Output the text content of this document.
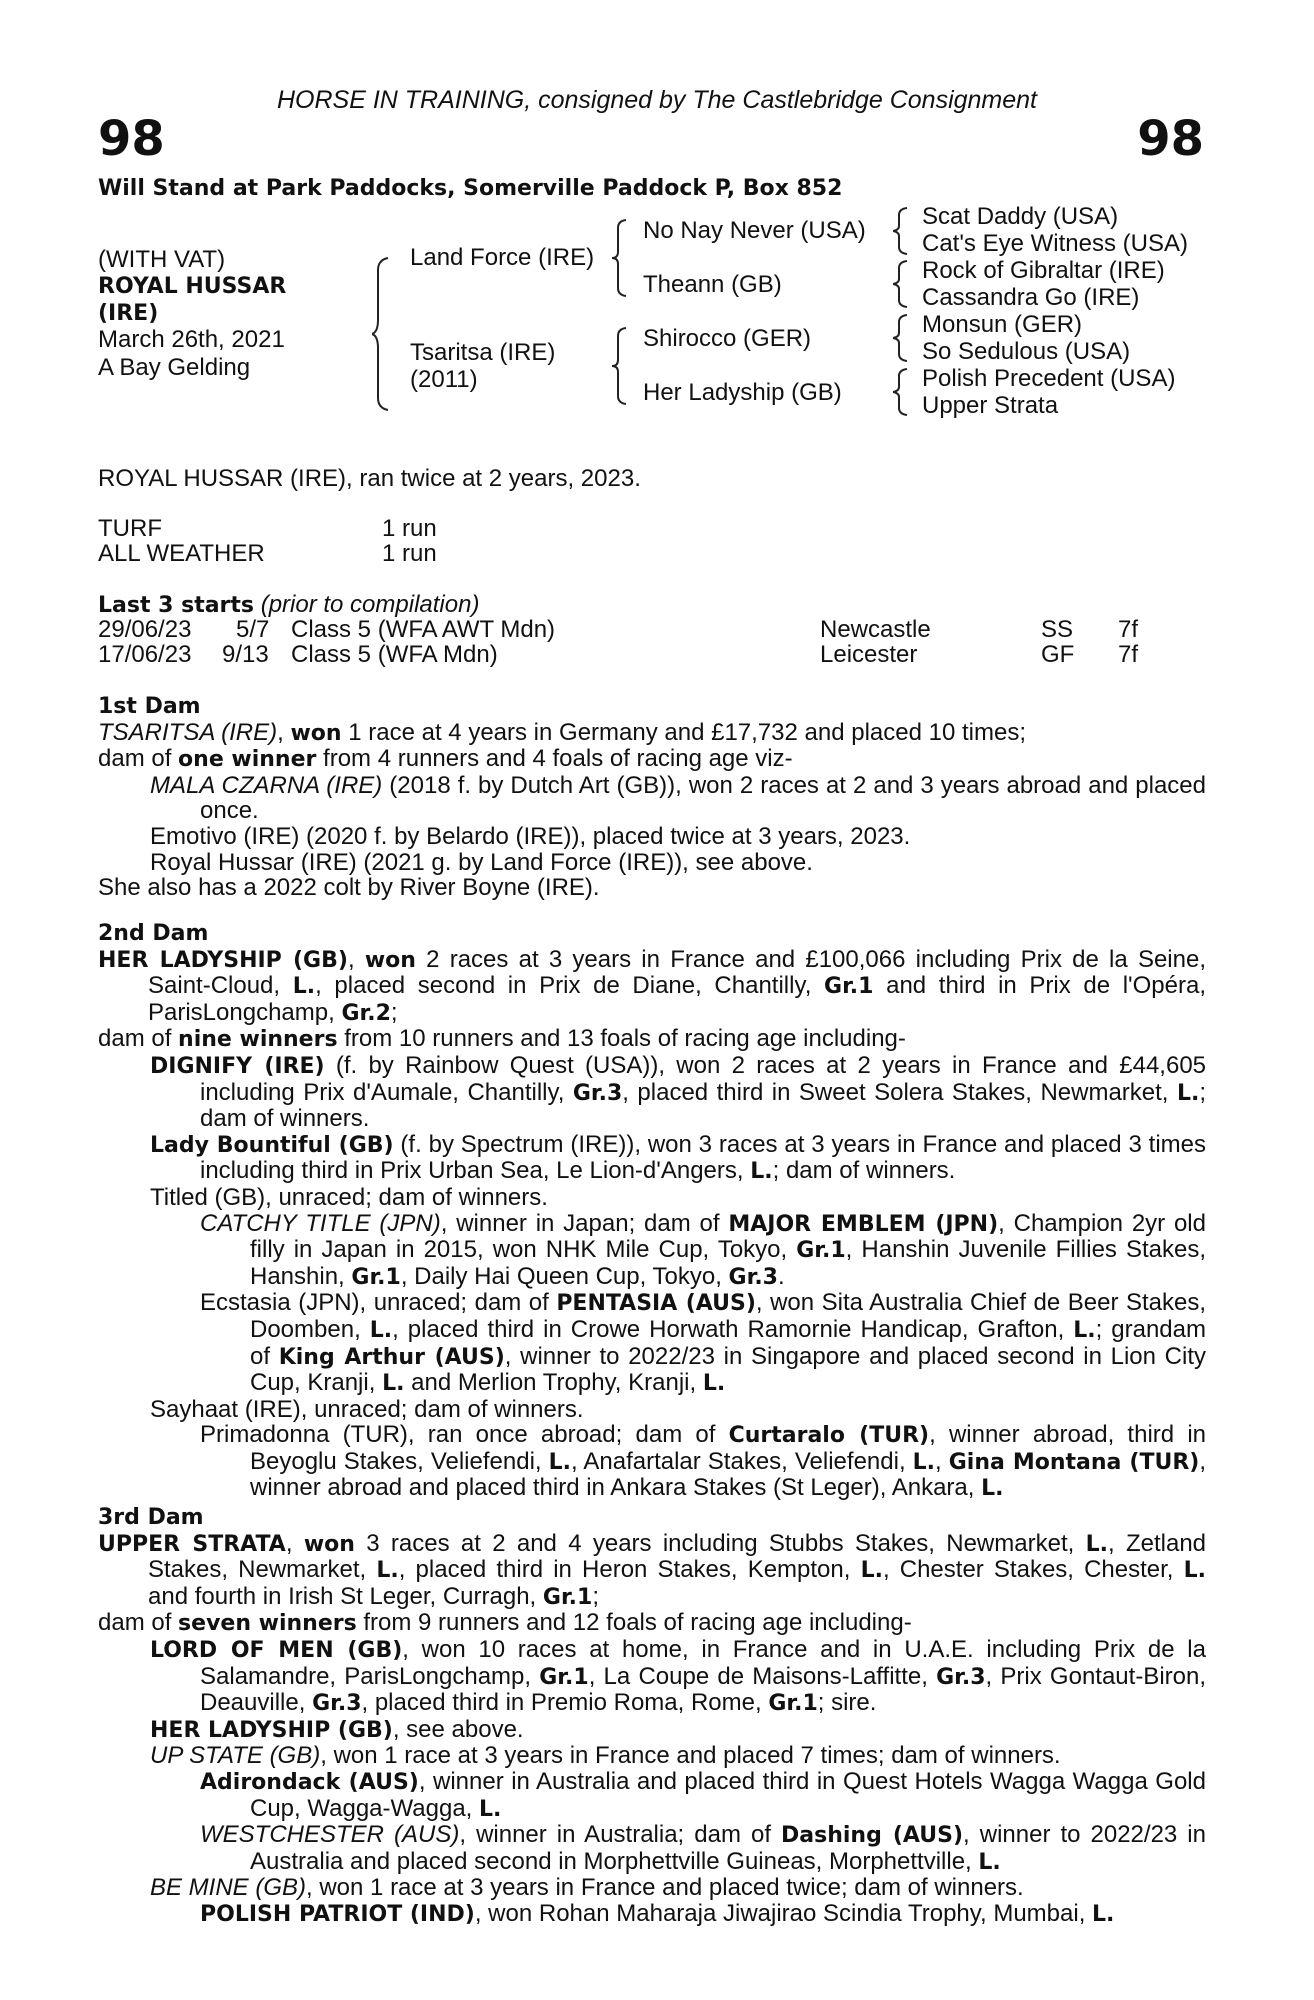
HORSE IN TRAINING, consigned by The Castlebridge Consignment
98	98
Will Stand at Park Paddocks, Somerville Paddock P, Box 852
(WITH VAT)
ROYAL HUSSAR
(IRE)
March 26th, 2021
A Bay Gelding
Land Force (IRE)
Tsaritsa (IRE)
(2011)
No Nay Never (USA)
Theann (GB)
Shirocco (GER)
Her Ladyship (GB)
Scat Daddy (USA)
Cat's Eye Witness (USA)
Rock of Gibraltar (IRE)
Cassandra Go (IRE)
Monsun (GER)
So Sedulous (USA)
Polish Precedent (USA)
Upper Strata
ROYAL HUSSAR (IRE), ran twice at 2 years, 2023.
TURF	1 run
ALL WEATHER	1 run
Last 3 starts (prior to compilation)
29/06/23 5/7 Class 5 (WFA AWT Mdn)	Newcastle	SS 7f
17/06/23 9/13 Class 5 (WFA Mdn)	Leicester	GF 7f
1st Dam
TSARITSA (IRE), won 1 race at 4 years in Germany and £17,732 and placed 10 times;
dam of one winner from 4 runners and 4 foals of racing age viz-
MALA CZARNA (IRE) (2018 f. by Dutch Art (GB)), won 2 races at 2 and 3 years abroad and placed once.
Emotivo (IRE) (2020 f. by Belardo (IRE)), placed twice at 3 years, 2023.
Royal Hussar (IRE) (2021 g. by Land Force (IRE)), see above.
She also has a 2022 colt by River Boyne (IRE).
2nd Dam
HER LADYSHIP (GB), won 2 races at 3 years in France and £100,066 including Prix de la Seine, Saint-Cloud, L., placed second in Prix de Diane, Chantilly, Gr.1 and third in Prix de l'Opéra, ParisLongchamp, Gr.2;
dam of nine winners from 10 runners and 13 foals of racing age including-
DIGNIFY (IRE) (f. by Rainbow Quest (USA)), won 2 races at 2 years in France and £44,605 including Prix d'Aumale, Chantilly, Gr.3, placed third in Sweet Solera Stakes, Newmarket, L.; dam of winners.
Lady Bountiful (GB) (f. by Spectrum (IRE)), won 3 races at 3 years in France and placed 3 times including third in Prix Urban Sea, Le Lion-d'Angers, L.; dam of winners.
Titled (GB), unraced; dam of winners.
CATCHY TITLE (JPN), winner in Japan; dam of MAJOR EMBLEM (JPN), Champion 2yr old filly in Japan in 2015, won NHK Mile Cup, Tokyo, Gr.1, Hanshin Juvenile Fillies Stakes, Hanshin, Gr.1, Daily Hai Queen Cup, Tokyo, Gr.3.
Ecstasia (JPN), unraced; dam of PENTASIA (AUS), won Sita Australia Chief de Beer Stakes, Doomben, L., placed third in Crowe Horwath Ramornie Handicap, Grafton, L.; grandam of King Arthur (AUS), winner to 2022/23 in Singapore and placed second in Lion City Cup, Kranji, L. and Merlion Trophy, Kranji, L.
Sayhaat (IRE), unraced; dam of winners.
Primadonna (TUR), ran once abroad; dam of Curtaralo (TUR), winner abroad, third in Beyoglu Stakes, Veliefendi, L., Anafartalar Stakes, Veliefendi, L., Gina Montana (TUR), winner abroad and placed third in Ankara Stakes (St Leger), Ankara, L.
3rd Dam
UPPER STRATA, won 3 races at 2 and 4 years including Stubbs Stakes, Newmarket, L., Zetland Stakes, Newmarket, L., placed third in Heron Stakes, Kempton, L., Chester Stakes, Chester, L. and fourth in Irish St Leger, Curragh, Gr.1;
dam of seven winners from 9 runners and 12 foals of racing age including-
LORD OF MEN (GB), won 10 races at home, in France and in U.A.E. including Prix de la Salamandre, ParisLongchamp, Gr.1, La Coupe de Maisons-Laffitte, Gr.3, Prix Gontaut-Biron, Deauville, Gr.3, placed third in Premio Roma, Rome, Gr.1; sire.
HER LADYSHIP (GB), see above.
UP STATE (GB), won 1 race at 3 years in France and placed 7 times; dam of winners.
Adirondack (AUS), winner in Australia and placed third in Quest Hotels Wagga Wagga Gold Cup, Wagga-Wagga, L.
WESTCHESTER (AUS), winner in Australia; dam of Dashing (AUS), winner to 2022/23 in Australia and placed second in Morphettville Guineas, Morphettville, L.
BE MINE (GB), won 1 race at 3 years in France and placed twice; dam of winners.
POLISH PATRIOT (IND), won Rohan Maharaja Jiwajirao Scindia Trophy, Mumbai, L.
